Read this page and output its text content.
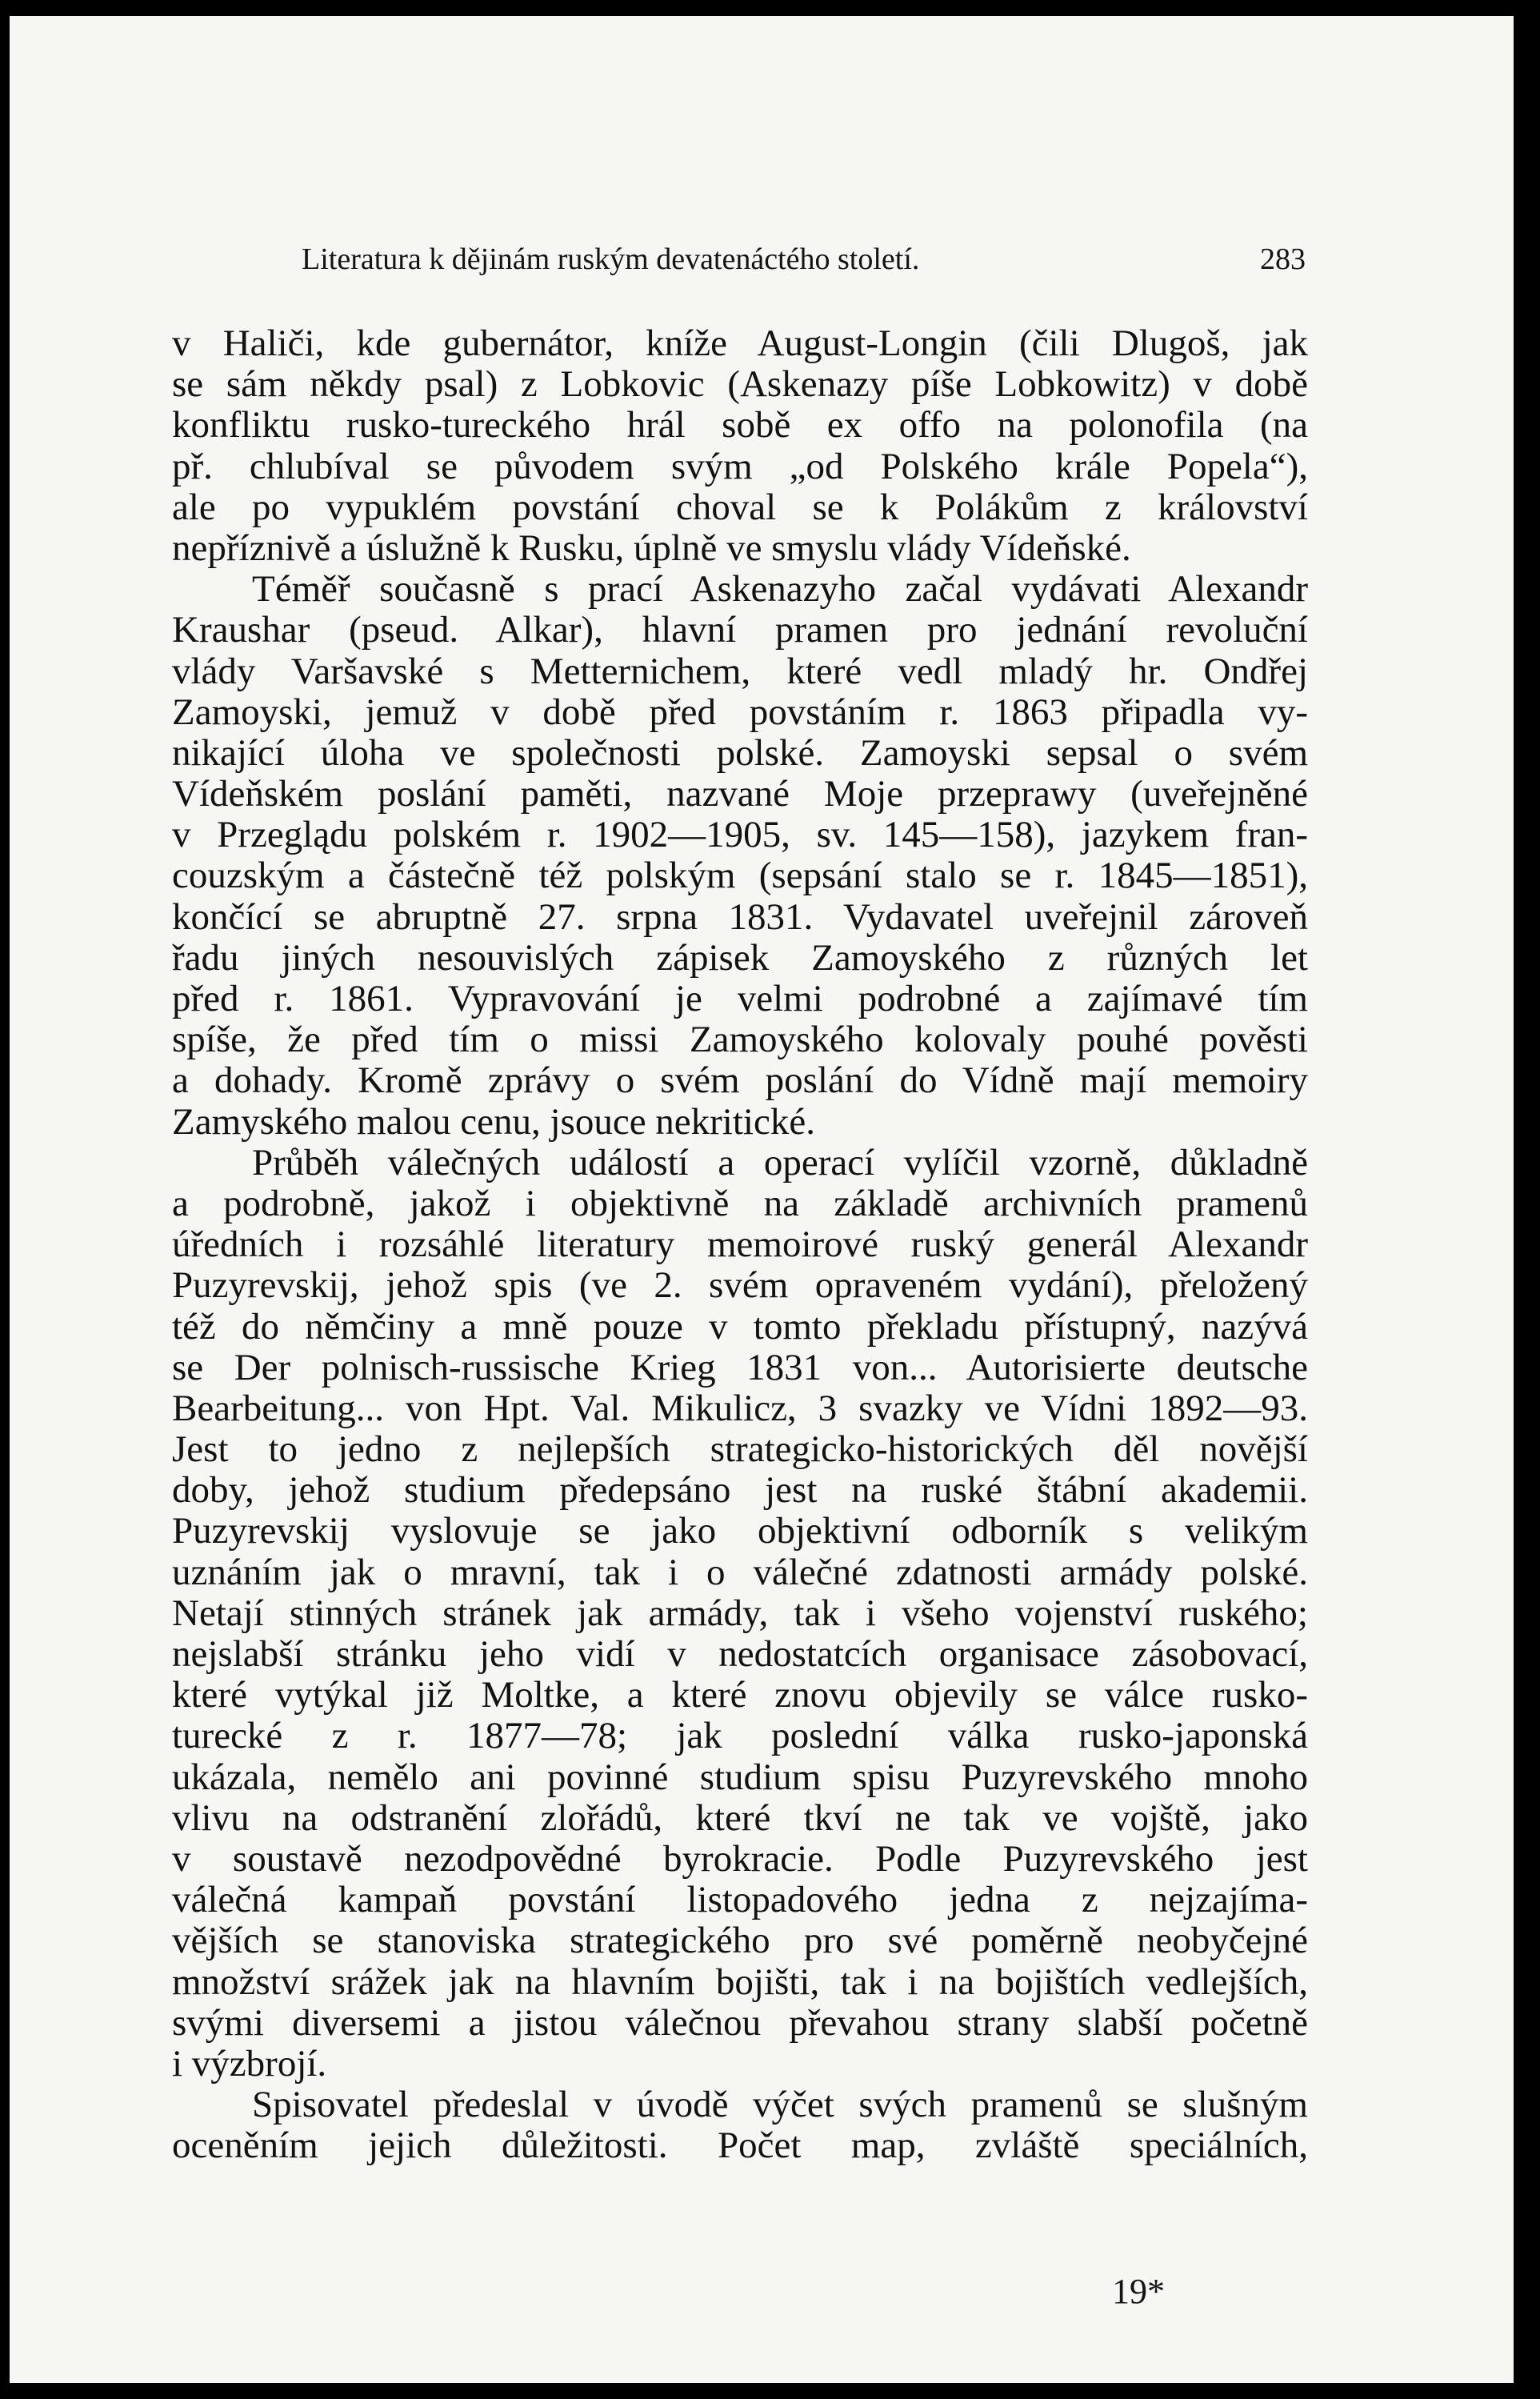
Literatura k dějinám ruským devatenáctého století.	283
v Haliči, kde gubernátor, kníže August-Longin (čili Dlugoš, jak
se sám někdy psal) z Lobkovic (Askenazy píše Lobkowitz) v době
konfliktu rusko-tureckého hrál sobě ex offo na polonofila (na
př. chlubíval se původem svým „od Polského krále Popela“),
ale po vypuklém povstání choval se k Polákům z království
nepříznivě a úslužně k Rusku, úplně ve smyslu vlády Vídeňské.
Téměř současně s prací Askenazyho začal vydávati Alexandr
Kraushar (pseud. Alkar), hlavní pramen pro jednání revoluční
vlády Varšavské s Metternichem, které vedl mladý hr. Ondřej
Zamoyski, jemuž v době před povstáním r. 1863 připadla vy-
nikající úloha ve společnosti polské. Zamoyski sepsal o svém
Vídeňském poslání paměti, nazvané Moje przeprawy (uveřejněné
v Przeglądu polském r. 1902—1905, sv. 145—158), jazykem fran-
couzským a částečně též polským (sepsání stalo se r. 1845—1851),
končící se abruptně 27. srpna 1831. Vydavatel uveřejnil zároveň
řadu jiných nesouvislých zápisek Zamoyského z různých let
před r. 1861. Vypravování je velmi podrobné a zajímavé tím
spíše, že před tím o missi Zamoyského kolovaly pouhé pověsti
a dohady. Kromě zprávy o svém poslání do Vídně mají memoiry
Zamyského malou cenu, jsouce nekritické.
Průběh válečných událostí a operací vylíčil vzorně, důkladně
a podrobně, jakož i objektivně na základě archivních pramenů
úředních i rozsáhlé literatury memoirové ruský generál Alexandr
Puzyrevskij, jehož spis (ve 2. svém opraveném vydání), přeložený
též do němčiny a mně pouze v tomto překladu přístupný, nazývá
se Der polnisch-russische Krieg 1831 von... Autorisierte deutsche
Bearbeitung... von Hpt. Val. Mikulicz, 3 svazky ve Vídni 1892—93.
Jest to jedno z nejlepších strategicko-historických děl novější
doby, jehož studium předepsáno jest na ruské štábní akademii.
Puzyrevskij vyslovuje se jako objektivní odborník s velikým
uznáním jak o mravní, tak i o válečné zdatnosti armády polské.
Netají stinných stránek jak armády, tak i všeho vojenství ruského;
nejslabší stránku jeho vidí v nedostatcích organisace zásobovací,
které vytýkal již Moltke, a které znovu objevily se válce rusko-
turecké z r. 1877—78; jak poslední válka rusko-japonská
ukázala, nemělo ani povinné studium spisu Puzyrevského mnoho
vlivu na odstranění zlořádů, které tkví ne tak ve vojště, jako
v soustavě nezodpovědné byrokracie. Podle Puzyrevského jest
válečná kampaň povstání listopadového jedna z nejzajíma-
vějších se stanoviska strategického pro své poměrně neobyčejné
množství srážek jak na hlavním bojišti, tak i na bojištích vedlejších,
svými diversemi a jistou válečnou převahou strany slabší početně
i výzbrojí.
Spisovatel předeslal v úvodě výčet svých pramenů se slušným
oceněním jejich důležitosti. Počet map, zvláště speciálních,
19*
